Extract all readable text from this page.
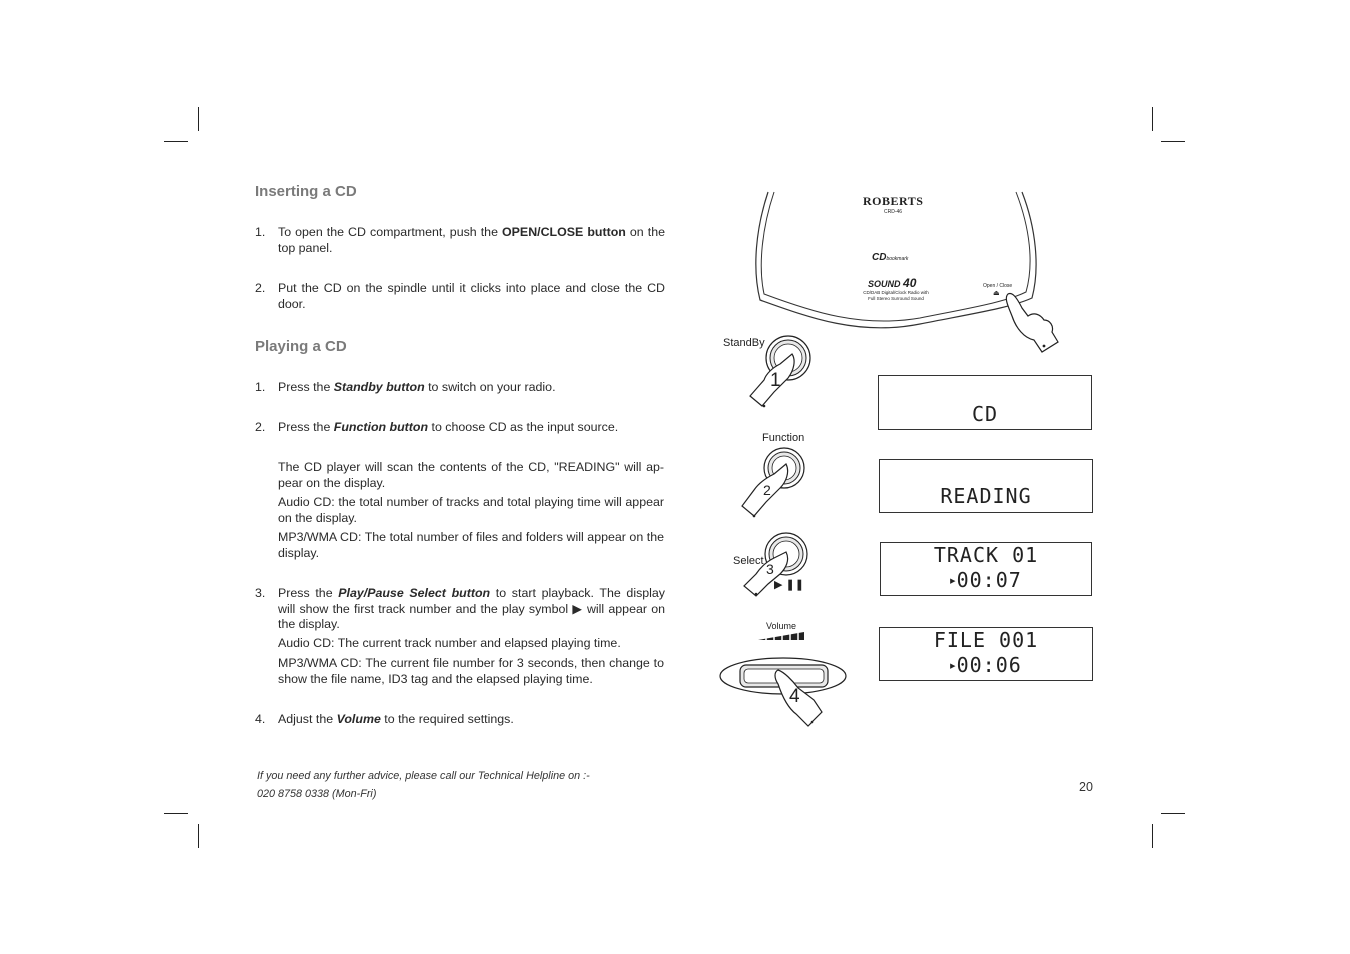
Inserting a CD
1.	To open the CD compartment, push the OPEN/CLOSE button on the top panel.
2.	Put the CD on the spindle until it clicks into place and close the CD door.
Playing a CD
1.	Press the Standby button to switch on your radio.
2.	Press the Function button to choose CD as the input source.
The CD player will scan the contents of the CD, "READING" will ap-pear on the display.
Audio CD: the total number of tracks and total playing time will appear on the display.
MP3/WMA CD: The total number of files and folders will appear on the display.
3.	Press the Play/Pause Select button to start playback. The display will show the first track number and the play symbol ▶ will appear on the display.
Audio CD: The current track number and elapsed playing time.
MP3/WMA CD: The current file number for 3 seconds, then change to show the file name, ID3 tag and the elapsed playing time.
4.	Adjust the Volume to the required settings.
If you need any further advice, please call our Technical Helpline on :-
020 8758 0338 (Mon-Fri)	20
ROBERTS
CRD-46
CDbookmark
SOUND 40
CD/DAB Digital/Clock Radio with
Full Stereo Surround Sound
Open / Close
⏏
StandBy
1
Function
2
Select 3
▶ ❚❚
Volume
4
CD
READING
TRACK 01
▶00:07
FILE 001
▶00:06
